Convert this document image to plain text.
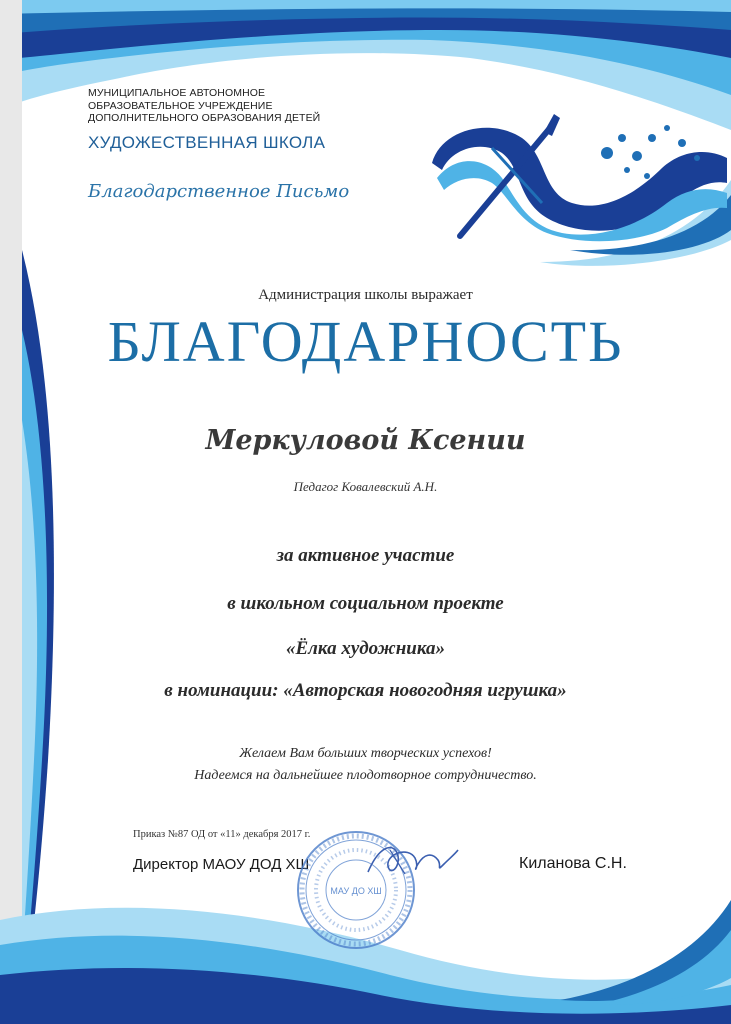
МУНИЦИПАЛЬНОЕ АВТОНОМНОЕ
ОБРАЗОВАТЕЛЬНОЕ УЧРЕЖДЕНИЕ
ДОПОЛНИТЕЛЬНОГО ОБРАЗОВАНИЯ ДЕТЕЙ

ХУДОЖЕСТВЕННАЯ ШКОЛА

Благодарственное Письмо

Администрация школы выражает

БЛАГОДАРНОСТЬ

Меркуловой Ксении

Педагог Ковалевский А.Н.

за активное участие

в школьном социальном проекте

«Ёлка художника»

в номинации: «Авторская новогодняя игрушка»

Желаем Вам больших творческих успехов!

Надеемся на дальнейшее плодотворное сотрудничество.

Приказ №87 ОД от «11» декабря 2017 г.

Директор МАОУ ДОД ХШ	Киланова С.Н.

МАУ ДО ХШ
